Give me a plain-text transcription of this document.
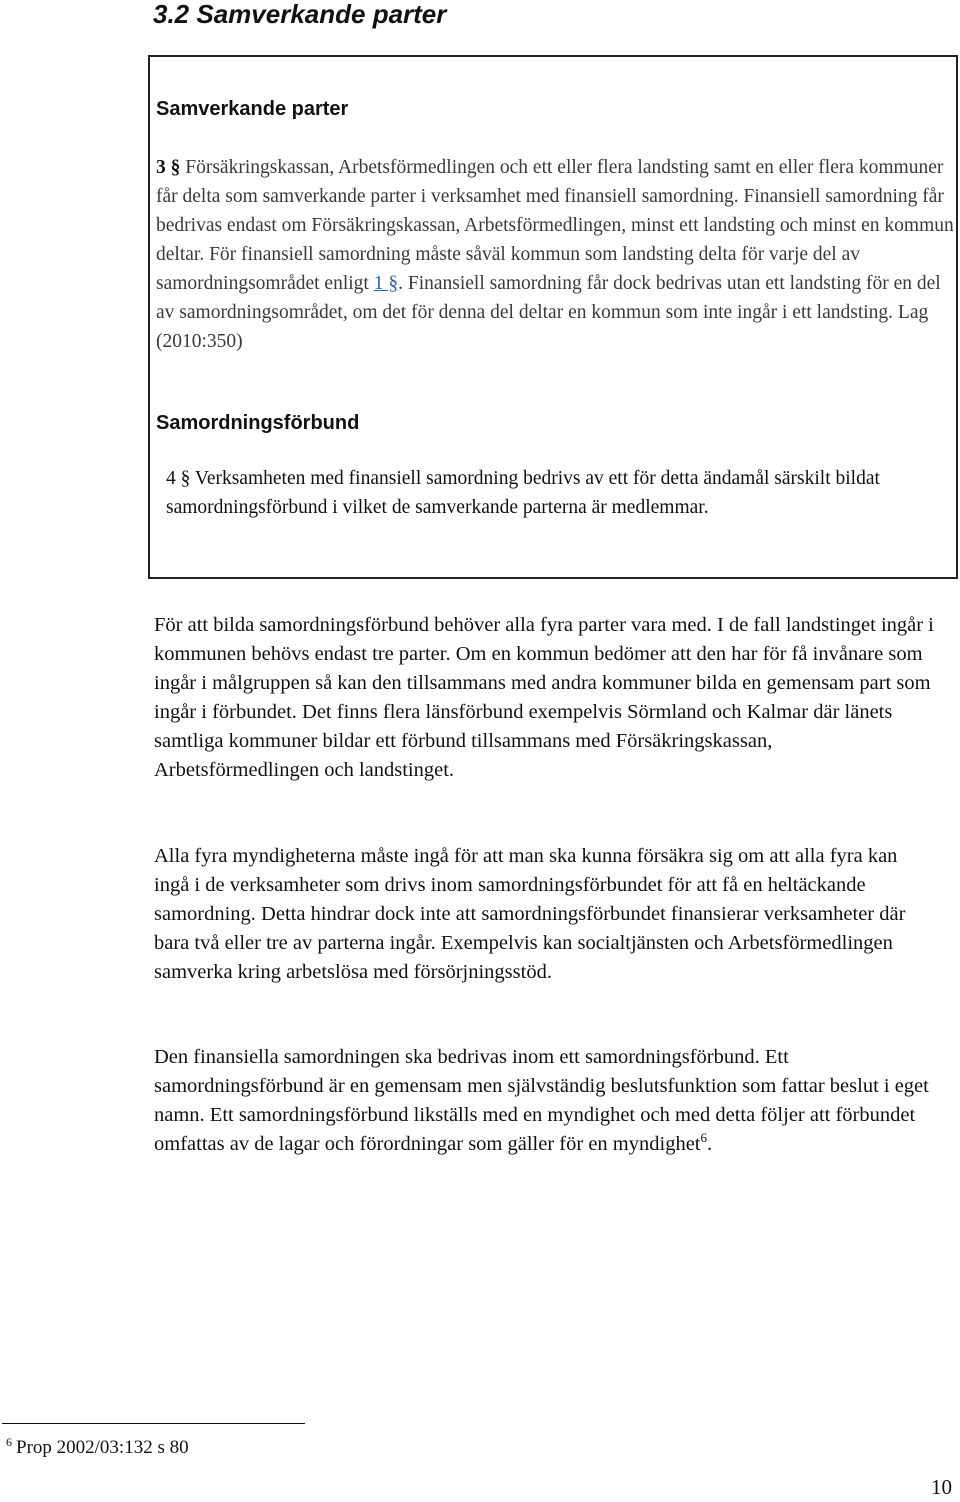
3.2 Samverkande parter
Samverkande parter

3 § Försäkringskassan, Arbetsförmedlingen och ett eller flera landsting samt en eller flera kommuner får delta som samverkande parter i verksamhet med finansiell samordning. Finansiell samordning får bedrivas endast om Försäkringskassan, Arbetsförmedlingen, minst ett landsting och minst en kommun deltar. För finansiell samordning måste såväl kommun som landsting delta för varje del av samordningsområdet enligt 1 §. Finansiell samordning får dock bedrivas utan ett landsting för en del av samordningsområdet, om det för denna del deltar en kommun som inte ingår i ett landsting. Lag (2010:350)

Samordningsförbund

4 § Verksamheten med finansiell samordning bedrivs av ett för detta ändamål särskilt bildat samordningsförbund i vilket de samverkande parterna är medlemmar.

För att bilda samordningsförbund behöver alla fyra parter vara med. I de fall landstinget ingår i kommunen behövs endast tre parter. Om en kommun bedömer att den har för få invånare som ingår i målgruppen så kan den tillsammans med andra kommuner bilda en gemensam part som ingår i förbundet. Det finns flera länsförbund exempelvis Sörmland och Kalmar där länets samtliga kommuner bildar ett förbund tillsammans med Försäkringskassan, Arbetsförmedlingen och landstinget.

Alla fyra myndigheterna måste ingå för att man ska kunna försäkra sig om att alla fyra kan ingå i de verksamheter som drivs inom samordningsförbundet för att få en heltäckande samordning. Detta hindrar dock inte att samordningsförbundet finansierar verksamheter där bara två eller tre av parterna ingår. Exempelvis kan socialtjänsten och Arbetsförmedlingen samverka kring arbetslösa med försörjningsstöd.

Den finansiella samordningen ska bedrivas inom ett samordningsförbund. Ett samordningsförbund är en gemensam men självständig beslutsfunktion som fattar beslut i eget namn. Ett samordningsförbund likställs med en myndighet och med detta följer att förbundet omfattas av de lagar och förordningar som gäller för en myndighet$^6$.

$^6$ Prop 2002/03:132 s 80

10
